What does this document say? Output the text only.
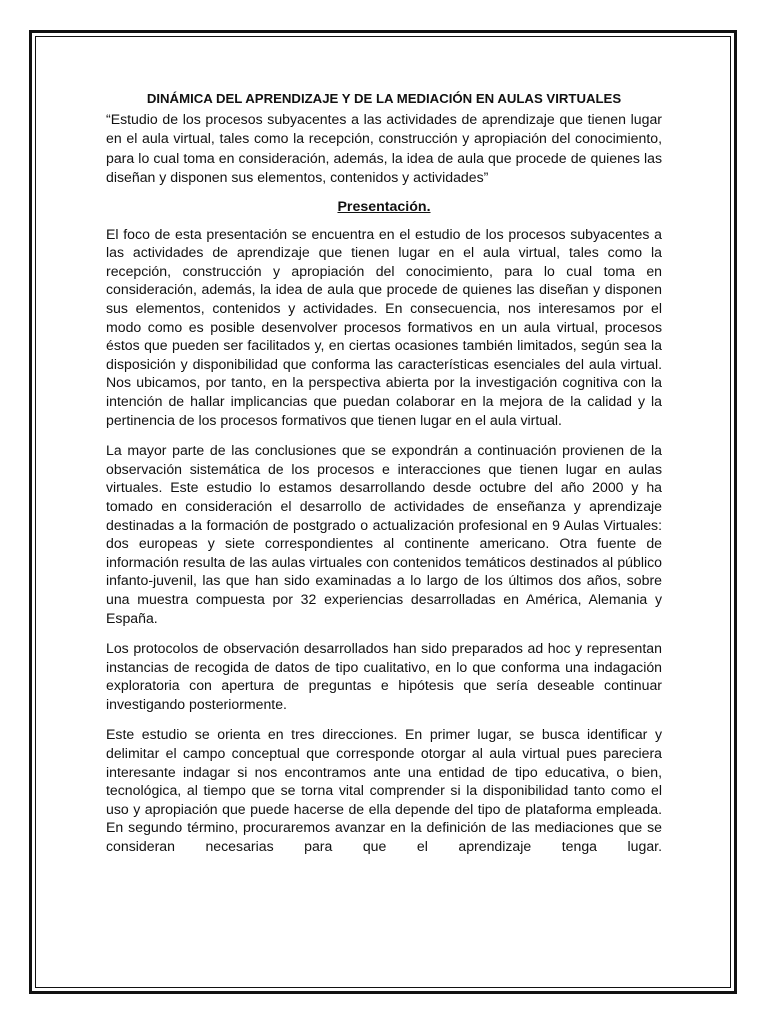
DINÁMICA DEL APRENDIZAJE Y DE LA MEDIACIÓN EN AULAS VIRTUALES

“Estudio de los procesos subyacentes a las actividades de aprendizaje que tienen lugar en el aula virtual, tales como la recepción, construcción y apropiación del conocimiento, para lo cual toma en consideración, además, la idea de aula que procede de quienes las diseñan y disponen sus elementos, contenidos y actividades”

Presentación.

El foco de esta presentación se encuentra en el estudio de los procesos subyacentes a las actividades de aprendizaje que tienen lugar en el aula virtual, tales como la recepción, construcción y apropiación del conocimiento, para lo cual toma en consideración, además, la idea de aula que procede de quienes las diseñan y disponen sus elementos, contenidos y actividades. En consecuencia, nos interesamos por el modo como es posible desenvolver procesos formativos en un aula virtual, procesos éstos que pueden ser facilitados y, en ciertas ocasiones también limitados, según sea la disposición y disponibilidad que conforma las características esenciales del aula virtual. Nos ubicamos, por tanto, en la perspectiva abierta por la investigación cognitiva con la intención de hallar implicancias que puedan colaborar en la mejora de la calidad y la pertinencia de los procesos formativos que tienen lugar en el aula virtual.

La mayor parte de las conclusiones que se expondrán a continuación provienen de la observación sistemática de los procesos e interacciones que tienen lugar en aulas virtuales. Este estudio lo estamos desarrollando desde octubre del año 2000 y ha tomado en consideración el desarrollo de actividades de enseñanza y aprendizaje destinadas a la formación de postgrado o actualización profesional en 9 Aulas Virtuales: dos europeas y siete correspondientes al continente americano. Otra fuente de información resulta de las aulas virtuales con contenidos temáticos destinados al público infanto-juvenil, las que han sido examinadas a lo largo de los últimos dos años, sobre una muestra compuesta por 32 experiencias desarrolladas en América, Alemania y España.

Los protocolos de observación desarrollados han sido preparados ad hoc y representan instancias de recogida de datos de tipo cualitativo, en lo que conforma una indagación exploratoria con apertura de preguntas e hipótesis que sería deseable continuar investigando posteriormente.

Este estudio se orienta en tres direcciones. En primer lugar, se busca identificar y delimitar el campo conceptual que corresponde otorgar al aula virtual pues pareciera interesante indagar si nos encontramos ante una entidad de tipo educativa, o bien, tecnológica, al tiempo que se torna vital comprender si la disponibilidad tanto como el uso y apropiación que puede hacerse de ella depende del tipo de plataforma empleada. En segundo término, procuraremos avanzar en la definición de las mediaciones que se consideran necesarias para que el aprendizaje tenga lugar.
